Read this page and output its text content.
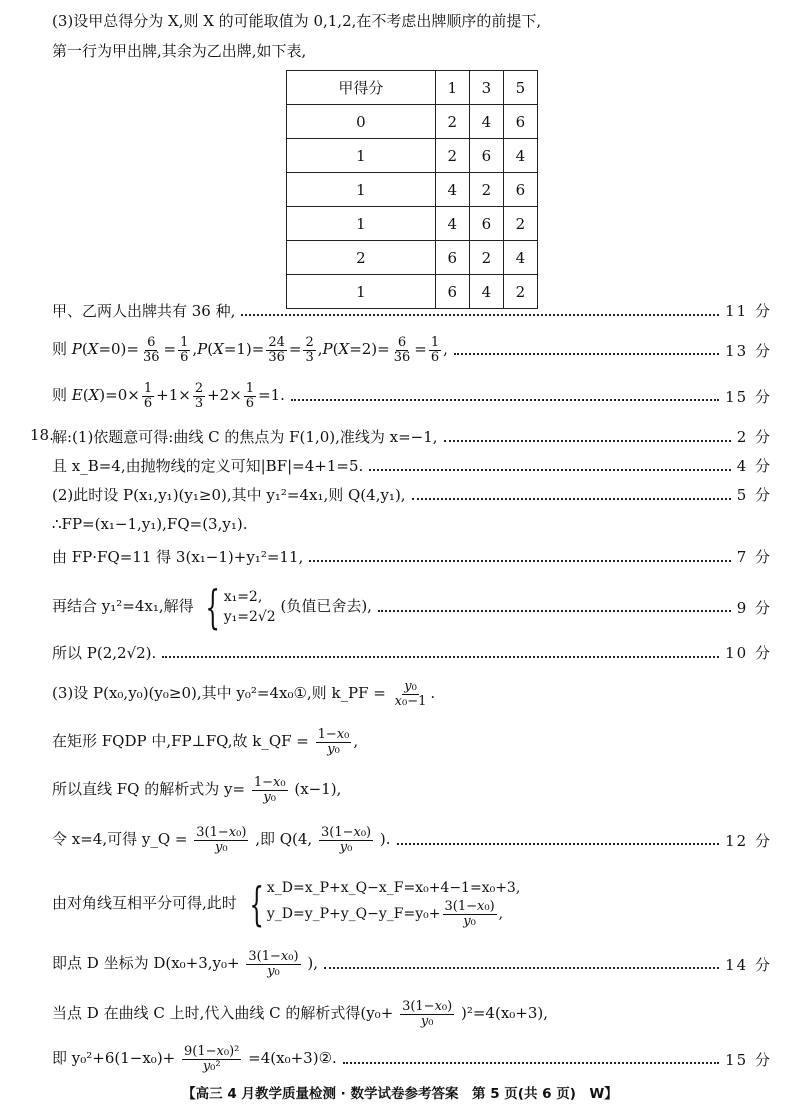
(3)设甲总得分为 X,则 X 的可能取值为 0,1,2,在不考虑出牌顺序的前提下,
第一行为甲出牌,其余为乙出牌,如下表,
甲得分	1	3	5
0	2	4	6
1	2	6	4
1	4	2	6
1	4	6	2
2	6	2	4
1	6	4	2
甲、乙两人出牌共有 36 种,	11 分
则 $P(X=0)= \frac{6}{36} = \frac{1}{6} ,P(X=1)= \frac{24}{36} = \frac{2}{3} ,P(X=2)= \frac{6}{36} = \frac{1}{6}$ ,	13 分
则 $E(X)=0\times \frac{1}{6} +1\times \frac{2}{3} +2\times \frac{1}{6} =1$.	15 分
18.
解:(1)依题意可得:曲线 C 的焦点为 F(1,0),准线为 x=−1,	2 分
且 x_B=4,由抛物线的定义可知|BF|=4+1=5.	4 分
(2)此时设 P(x₁,y₁)(y₁≥0),其中 y₁²=4x₁,则 Q(4,y₁),	5 分
∴FP=(x₁−1,y₁),FQ=(3,y₁).
由 FP·FQ=11 得 3(x₁−1)+y₁²=11,	7 分
再结合 y₁²=4x₁,解得 { x₁=2,
y₁=2√2
(负值已舍去),	9 分
所以 P(2,2√2).	10 分
(3)设 P(x₀,y₀)(y₀≥0),其中 y₀²=4x₀①,则 k_PF = $\frac{\text{y₀}}{\text{x₀−1}}$ .
在矩形 FQDP 中,FP⊥FQ,故 k_QF = $\frac{\text{1−x₀}}{\text{y₀}}$ ,
所以直线 FQ 的解析式为 $y= \frac{\text{1−x₀}}{\text{y₀}} (x-1)$,
令 x=4,可得 y_Q = $\frac{\text{3(1−x₀)}}{\text{y₀}}$ ,即 Q(4, $\frac{\text{3(1−x₀)}}{\text{y₀}}$ ).	12 分
由对角线互相平分可得,此时 { x_D=x_P+x_Q−x_F=x₀+4−1=x₀+3,
y_D=y_P+y_Q−y_F=y₀+ $\frac{\text{3(1−x₀)}}{\text{y₀}}$ ,
即点 D 坐标为 $D(x_0+3,y_0+ \frac{\text{3(1−x₀)}}{\text{y₀}}$ ),	14 分
当点 D 在曲线 C 上时,代入曲线 C 的解析式得$(y_0+ \frac{\text{3(1−x₀)}}{\text{y₀}} )^2=4(x_0+3)$,
即 $y_0^2+6(1-x_0)+ \frac{\text{9(1−x₀)²}}{\text{y₀²}}$ =4(x₀+3)②.	15 分
【高三 4 月教学质量检测 · 数学试卷参考答案　第 5 页(共 6 页)　W】
